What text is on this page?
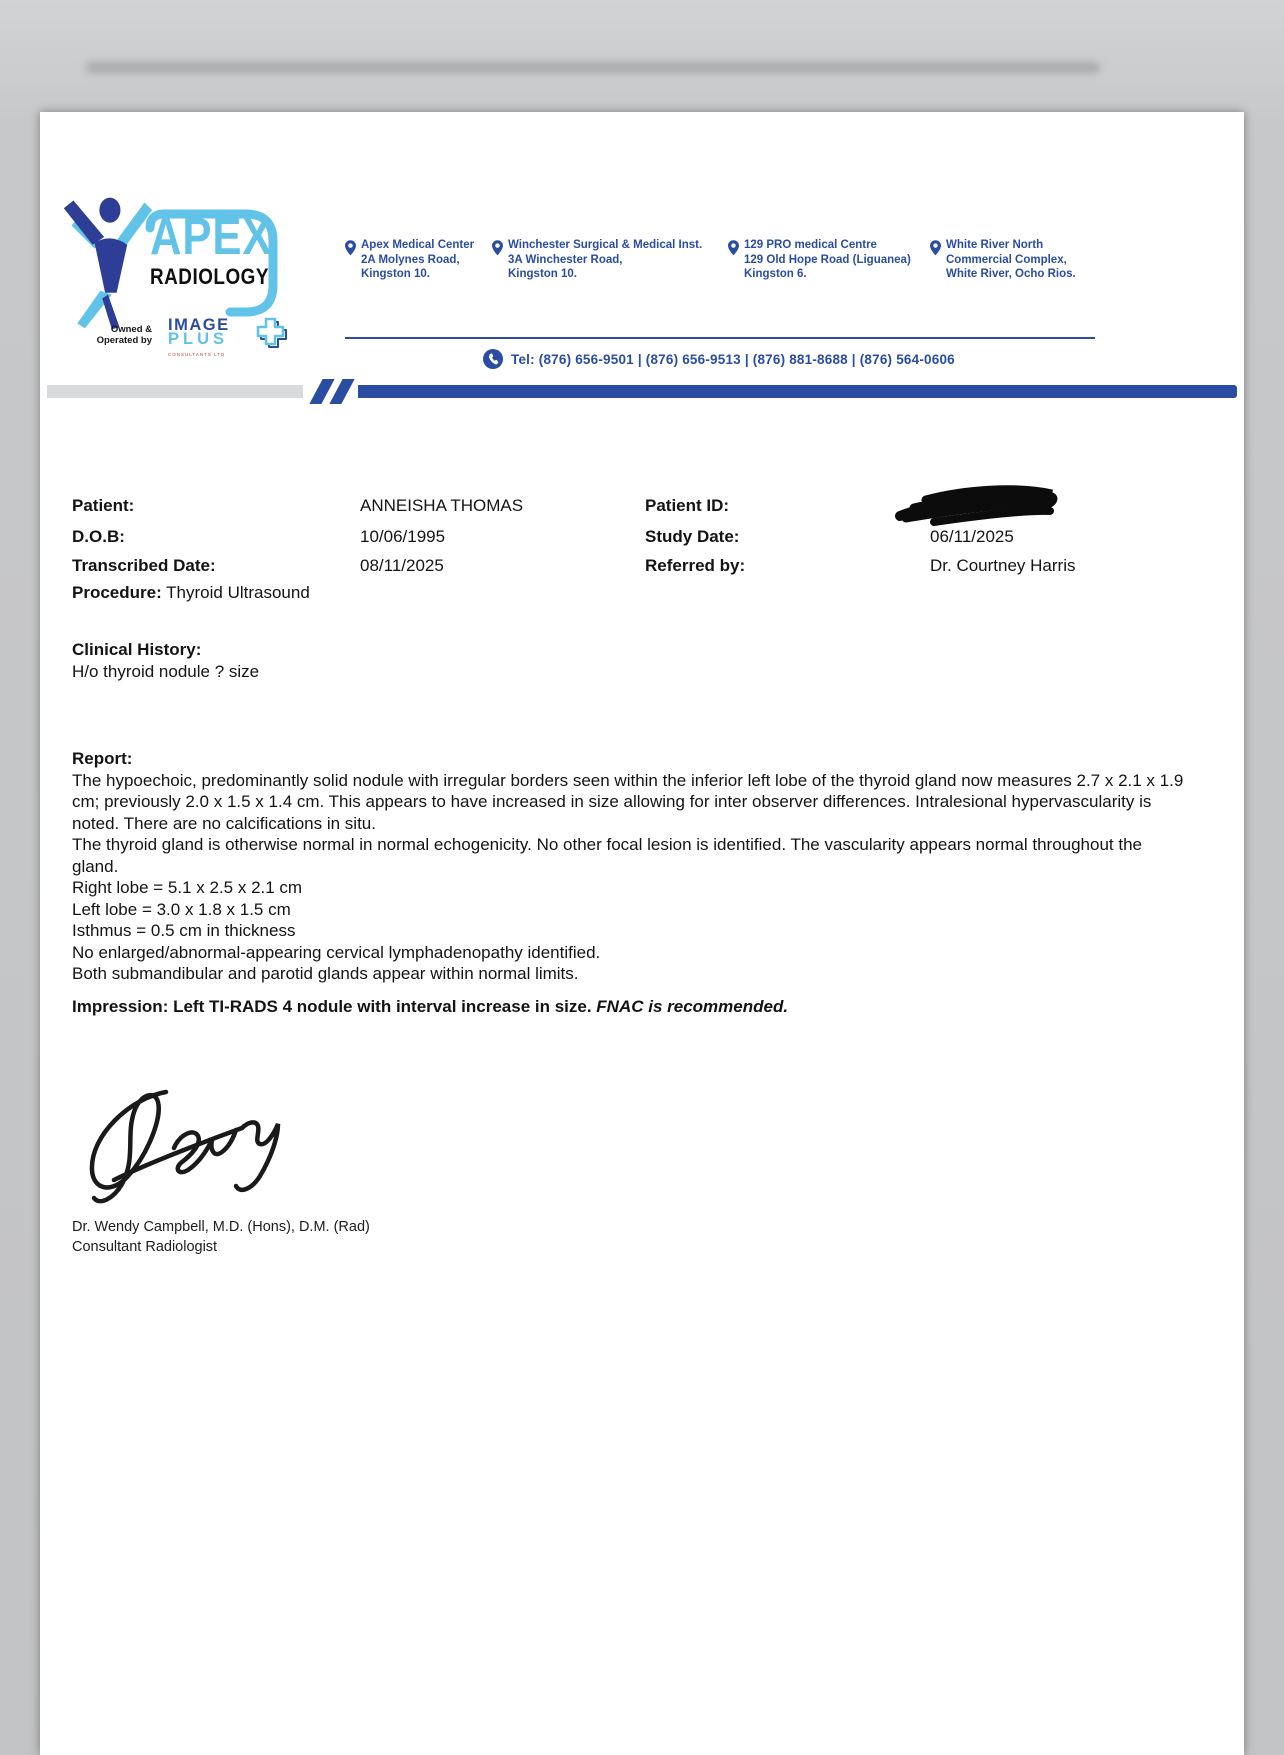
APEX
RADIOLOGY
Owned &
Operated by
IMAGE
PLUS
CONSULTANTS LTD
Apex Medical Center
2A Molynes Road,
Kingston 10.
Winchester Surgical & Medical Inst.
3A Winchester Road,
Kingston 10.
129 PRO medical Centre
129 Old Hope Road (Liguanea)
Kingston 6.
White River North
Commercial Complex,
White River, Ocho Rios.
Tel: (876) 656-9501 | (876) 656-9513 | (876) 881-8688 | (876) 564-0606
Patient:	ANNEISHA THOMAS	Patient ID:
D.O.B:	10/06/1995	Study Date:	06/11/2025
Transcribed Date:	08/11/2025	Referred by:	Dr. Courtney Harris
Procedure: Thyroid Ultrasound
Clinical History:

H/o thyroid nodule ? size

Report:

The hypoechoic, predominantly solid nodule with irregular borders seen within the inferior left lobe of the thyroid gland now measures 2.7 x 2.1 x 1.9 cm; previously 2.0 x 1.5 x 1.4 cm. This appears to have increased in size allowing for inter observer differences. Intralesional hypervascularity is noted. There are no calcifications in situ.

The thyroid gland is otherwise normal in normal echogenicity. No other focal lesion is identified. The vascularity appears normal throughout the gland.

Right lobe = 5.1 x 2.5 x 2.1 cm

Left lobe = 3.0 x 1.8 x 1.5 cm

Isthmus = 0.5 cm in thickness

No enlarged/abnormal-appearing cervical lymphadenopathy identified.

Both submandibular and parotid glands appear within normal limits.

Impression: Left TI-RADS 4 nodule with interval increase in size. FNAC is recommended.
Dr. Wendy Campbell, M.D. (Hons), D.M. (Rad)
Consultant Radiologist
